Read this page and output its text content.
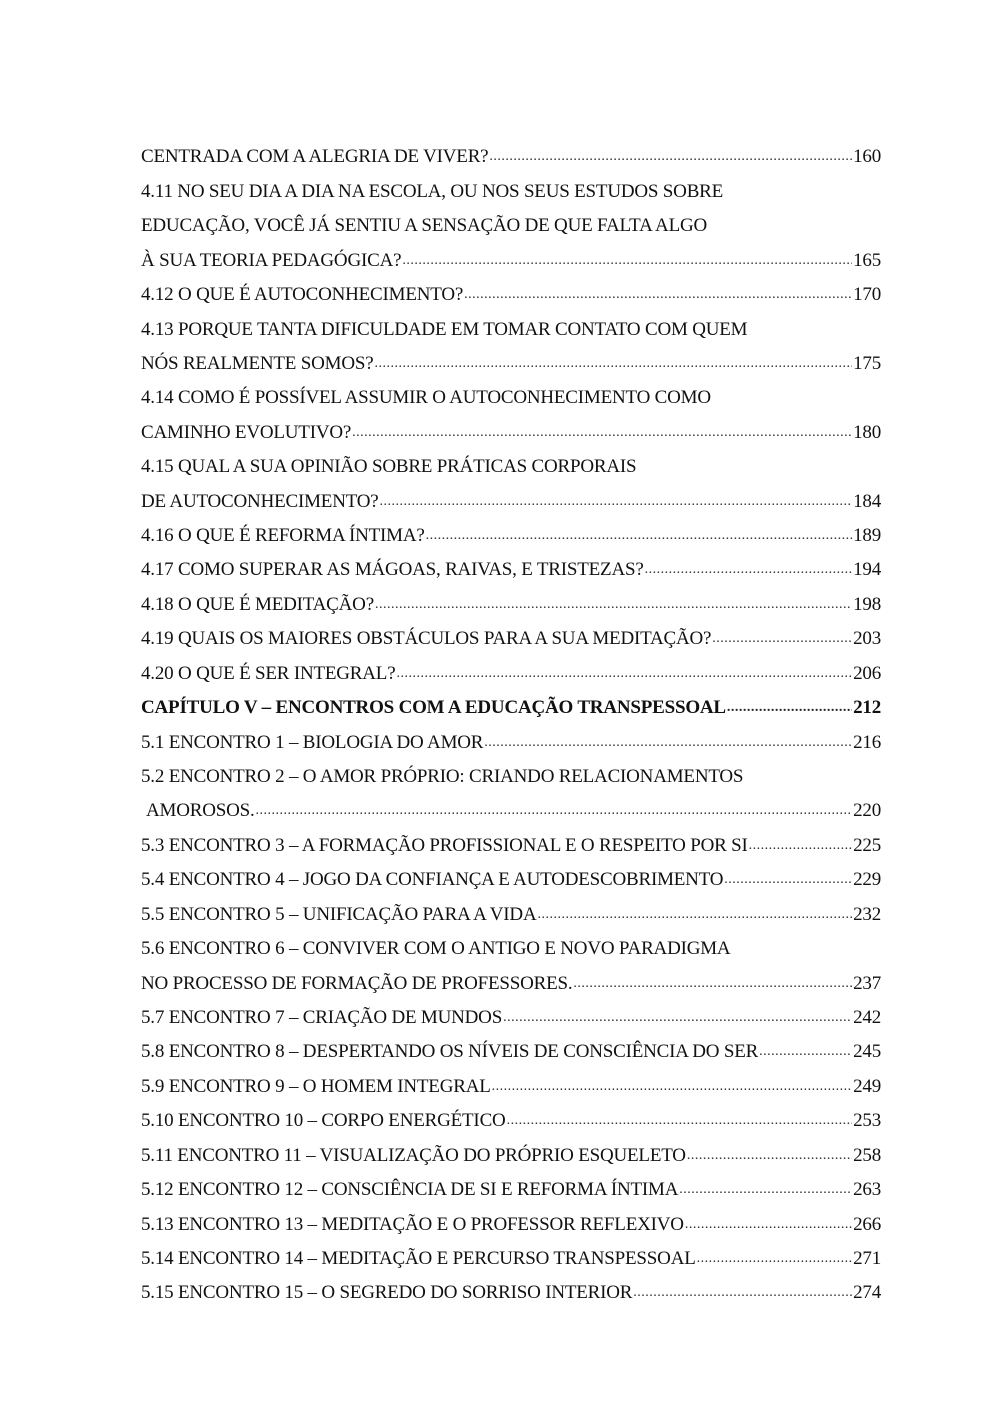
CENTRADA COM A ALEGRIA DE VIVER? .....	160
4.11 NO SEU DIA A DIA NA ESCOLA, OU NOS SEUS ESTUDOS SOBRE
EDUCAÇÃO, VOCÊ JÁ SENTIU A SENSAÇÃO DE QUE FALTA ALGO
À SUA TEORIA PEDAGÓGICA? .....	165
4.12 O QUE É AUTOCONHECIMENTO? .....	170
4.13 PORQUE TANTA DIFICULDADE EM TOMAR CONTATO COM QUEM
NÓS REALMENTE SOMOS? .....	175
4.14 COMO É POSSÍVEL ASSUMIR O AUTOCONHECIMENTO COMO
CAMINHO EVOLUTIVO? .....	180
4.15 QUAL A SUA OPINIÃO SOBRE PRÁTICAS CORPORAIS
DE AUTOCONHECIMENTO? .....	184
4.16 O QUE É REFORMA ÍNTIMA? .....	189
4.17 COMO SUPERAR AS MÁGOAS, RAIVAS, E TRISTEZAS? .....	194
4.18 O QUE É MEDITAÇÃO? .....	198
4.19 QUAIS OS MAIORES OBSTÁCULOS PARA A SUA MEDITAÇÃO? .....	203
4.20 O QUE É SER INTEGRAL? .....	206
CAPÍTULO V – ENCONTROS COM A EDUCAÇÃO TRANSPESSOAL .....	212
5.1 ENCONTRO 1 – BIOLOGIA DO AMOR .....	216
5.2 ENCONTRO 2 – O AMOR PRÓPRIO: CRIANDO RELACIONAMENTOS
AMOROSOS. .....	220
5.3 ENCONTRO 3 – A FORMAÇÃO PROFISSIONAL E O RESPEITO POR SI .....	225
5.4 ENCONTRO 4 – JOGO DA CONFIANÇA E AUTODESCOBRIMENTO .....	229
5.5 ENCONTRO 5 – UNIFICAÇÃO PARA A VIDA .....	232
5.6 ENCONTRO 6 – CONVIVER COM O ANTIGO E NOVO PARADIGMA
NO PROCESSO DE FORMAÇÃO DE PROFESSORES. .....	237
5.7 ENCONTRO 7 – CRIAÇÃO DE MUNDOS .....	242
5.8 ENCONTRO 8 – DESPERTANDO OS NÍVEIS DE CONSCIÊNCIA DO SER .....	245
5.9 ENCONTRO 9 – O HOMEM INTEGRAL .....	249
5.10 ENCONTRO 10 – CORPO ENERGÉTICO .....	253
5.11 ENCONTRO 11 – VISUALIZAÇÃO DO PRÓPRIO ESQUELETO .....	258
5.12 ENCONTRO 12 – CONSCIÊNCIA DE SI E REFORMA ÍNTIMA .....	263
5.13 ENCONTRO 13 – MEDITAÇÃO E O PROFESSOR REFLEXIVO .....	266
5.14 ENCONTRO 14 – MEDITAÇÃO E PERCURSO TRANSPESSOAL .....	271
5.15 ENCONTRO 15 – O SEGREDO DO SORRISO INTERIOR .....	274
